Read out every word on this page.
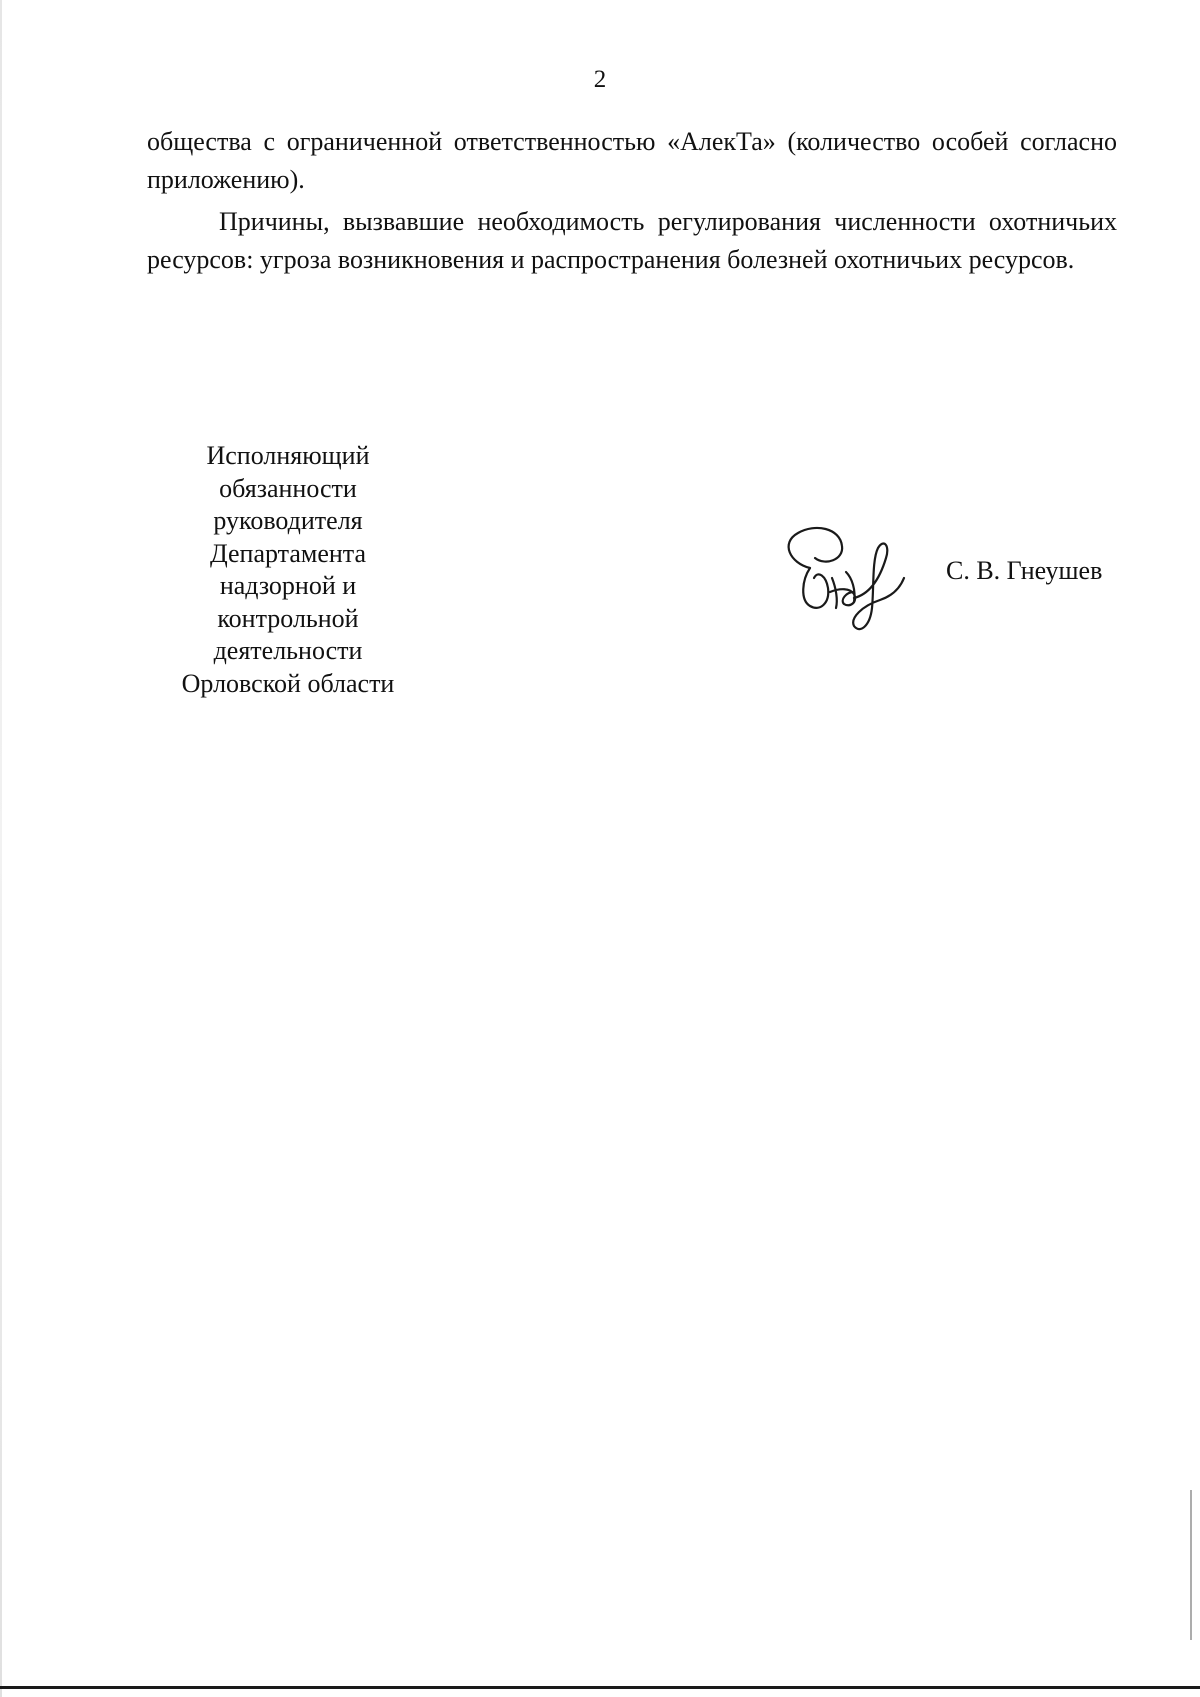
2

общества с ограниченной ответственностью «АлекТа» (количество особей согласно приложению).

Причины, вызвавшие необходимость регулирования численности охотничьих ресурсов: угроза возникновения и распространения болезней охотничьих ресурсов.

Исполняющий
обязанности
руководителя
Департамента
надзорной и
контрольной
деятельности
Орловской области
С. В. Гнеушев
